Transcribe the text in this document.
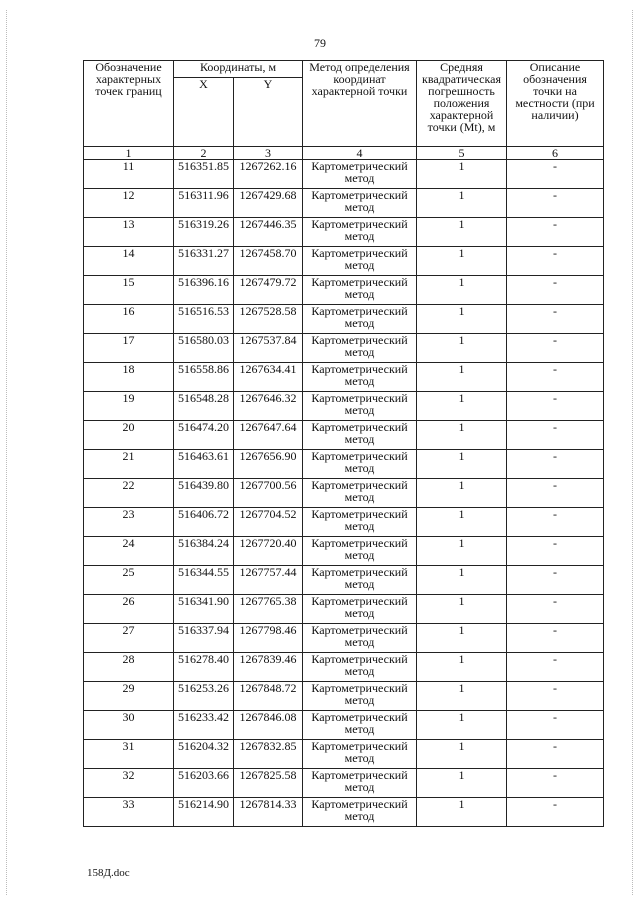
79
Обозначение характерных точек границ	Координаты, м		Метод определения координат характерной точки	Средняя квадратическая погрешность положения характерной точки (Mt), м	Описание обозначения точки на местности (при наличии)
	X	Y			
1	2	3	4	5	6
11	516351.85	1267262.16	Картометрический метод	1	-
12	516311.96	1267429.68	Картометрический метод	1	-
13	516319.26	1267446.35	Картометрический метод	1	-
14	516331.27	1267458.70	Картометрический метод	1	-
15	516396.16	1267479.72	Картометрический метод	1	-
16	516516.53	1267528.58	Картометрический метод	1	-
17	516580.03	1267537.84	Картометрический метод	1	-
18	516558.86	1267634.41	Картометрический метод	1	-
19	516548.28	1267646.32	Картометрический метод	1	-
20	516474.20	1267647.64	Картометрический метод	1	-
21	516463.61	1267656.90	Картометрический метод	1	-
22	516439.80	1267700.56	Картометрический метод	1	-
23	516406.72	1267704.52	Картометрический метод	1	-
24	516384.24	1267720.40	Картометрический метод	1	-
25	516344.55	1267757.44	Картометрический метод	1	-
26	516341.90	1267765.38	Картометрический метод	1	-
27	516337.94	1267798.46	Картометрический метод	1	-
28	516278.40	1267839.46	Картометрический метод	1	-
29	516253.26	1267848.72	Картометрический метод	1	-
30	516233.42	1267846.08	Картометрический метод	1	-
31	516204.32	1267832.85	Картометрический метод	1	-
32	516203.66	1267825.58	Картометрический метод	1	-
33	516214.90	1267814.33	Картометрический метод	1	-
158Д.doc
